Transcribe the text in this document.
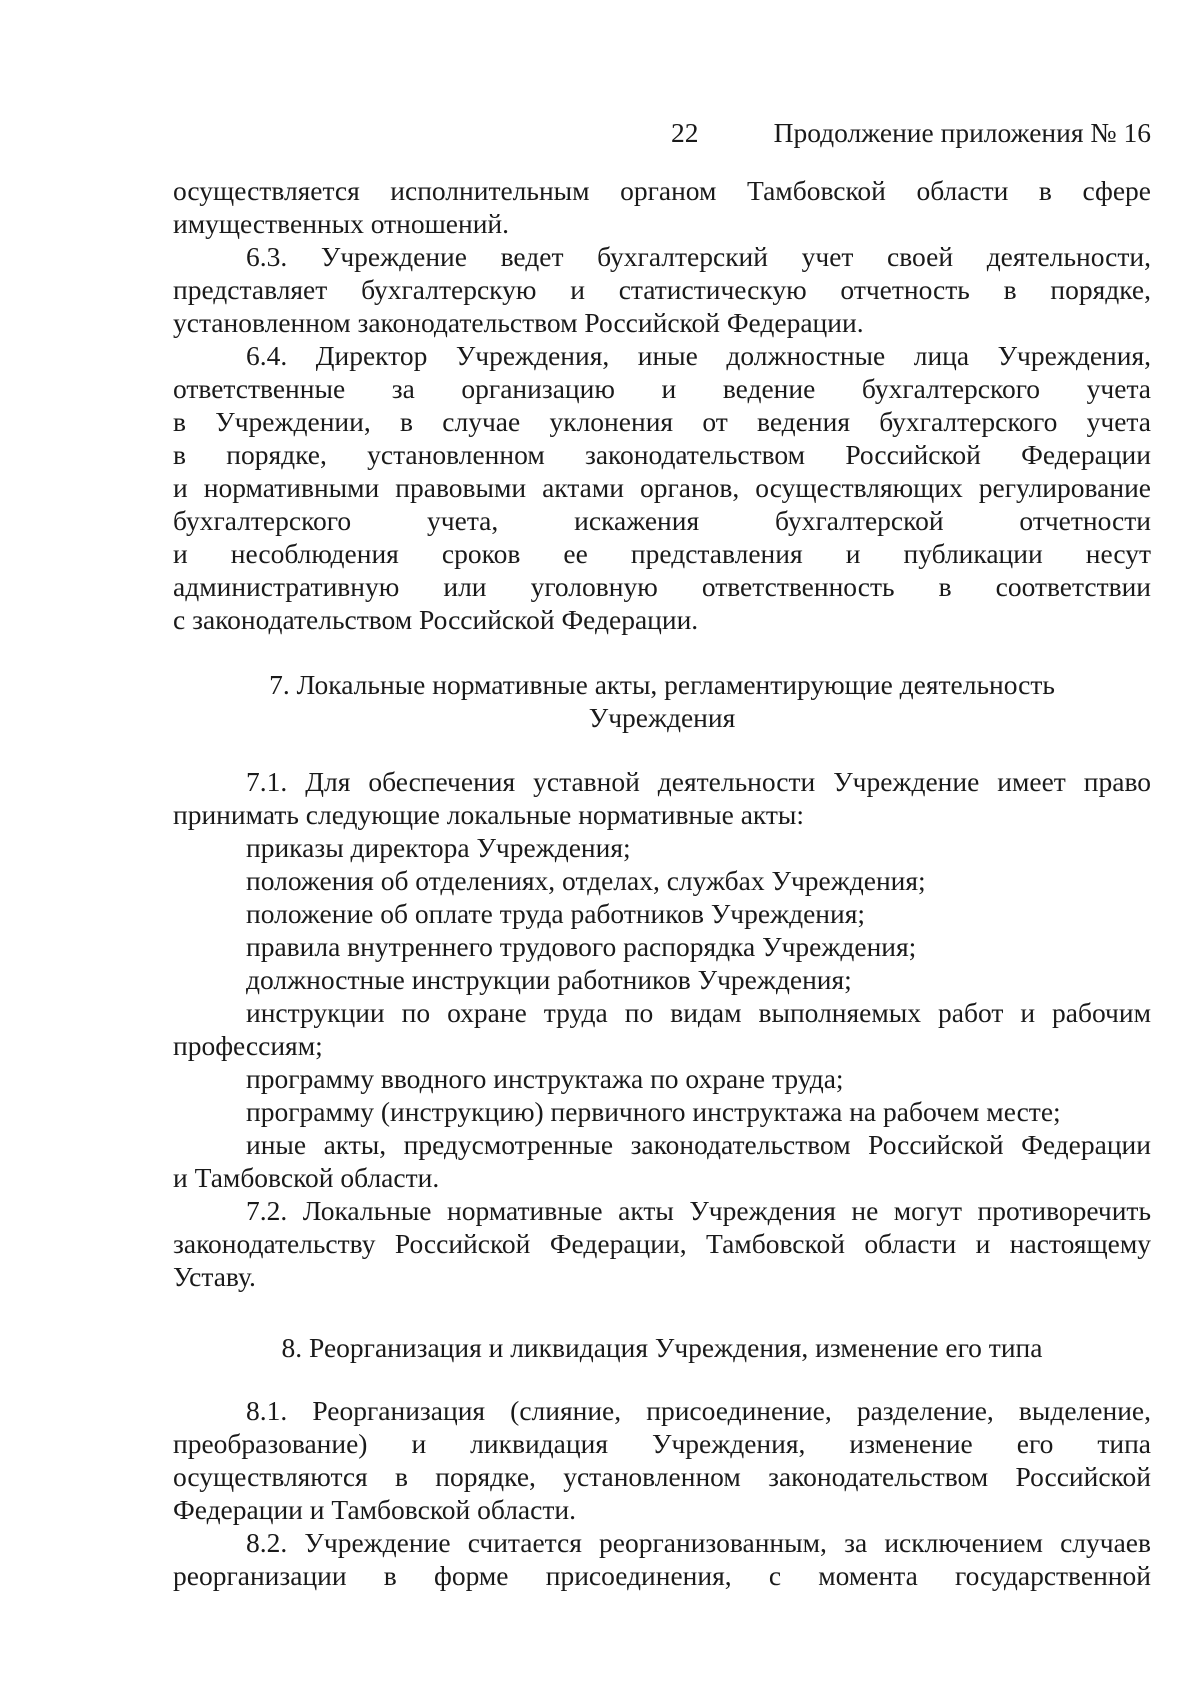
22	Продолжение приложения № 16

осуществляется исполнительным органом Тамбовской области в сфере

имущественных отношений.

6.3. Учреждение ведет бухгалтерский учет своей деятельности,

представляет бухгалтерскую и статистическую отчетность в порядке,

установленном законодательством Российской Федерации.

6.4. Директор Учреждения, иные должностные лица Учреждения,

ответственные за организацию и ведение бухгалтерского учета

в Учреждении, в случае уклонения от ведения бухгалтерского учета

в порядке, установленном законодательством Российской Федерации

и нормативными правовыми актами органов, осуществляющих регулирование

бухгалтерского учета, искажения бухгалтерской отчетности

и несоблюдения сроков ее представления и публикации несут

административную или уголовную ответственность в соответствии

с законодательством Российской Федерации.

7. Локальные нормативные акты, регламентирующие деятельность

Учреждения

7.1. Для обеспечения уставной деятельности Учреждение имеет право

принимать следующие локальные нормативные акты:

приказы директора Учреждения;

положения об отделениях, отделах, службах Учреждения;

положение об оплате труда работников Учреждения;

правила внутреннего трудового распорядка Учреждения;

должностные инструкции работников Учреждения;

инструкции по охране труда по видам выполняемых работ и рабочим

профессиям;

программу вводного инструктажа по охране труда;

программу (инструкцию) первичного инструктажа на рабочем месте;

иные акты, предусмотренные законодательством Российской Федерации

и Тамбовской области.

7.2. Локальные нормативные акты Учреждения не могут противоречить

законодательству Российской Федерации, Тамбовской области и настоящему

Уставу.

8. Реорганизация и ликвидация Учреждения, изменение его типа

8.1. Реорганизация (слияние, присоединение, разделение, выделение,

преобразование) и ликвидация Учреждения, изменение его типа

осуществляются в порядке, установленном законодательством Российской

Федерации и Тамбовской области.

8.2. Учреждение считается реорганизованным, за исключением случаев

реорганизации в форме присоединения, с момента государственной
